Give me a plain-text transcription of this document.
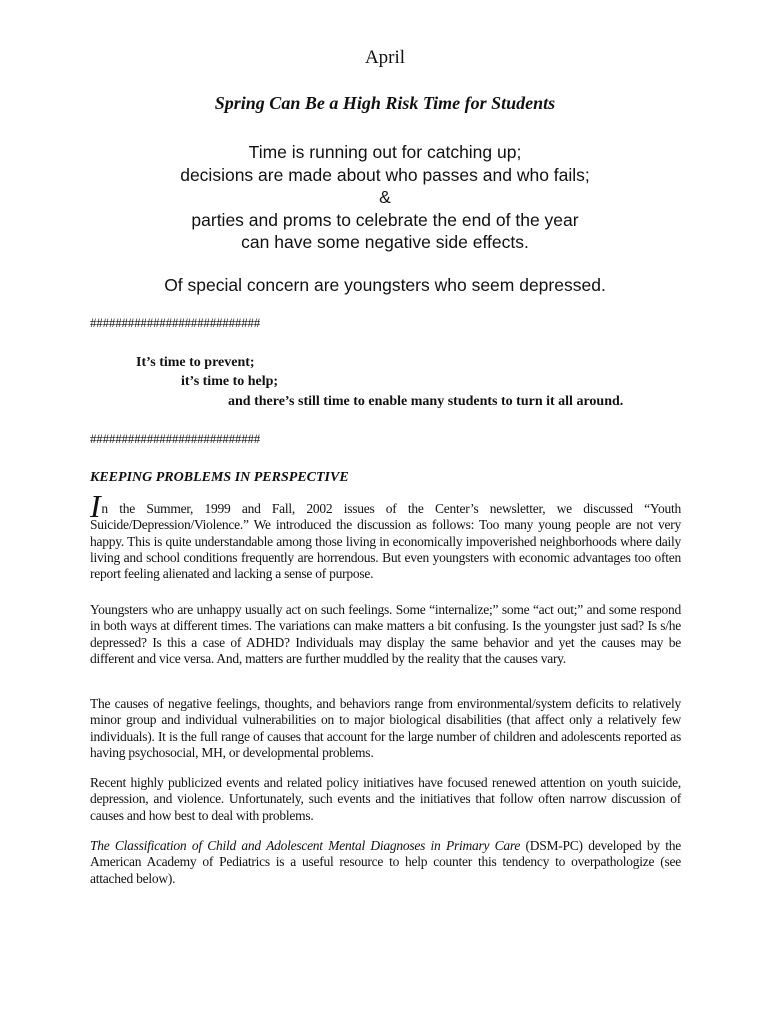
April
Spring Can Be a High Risk Time for Students
Time is running out for catching up;
decisions are made about who passes and who fails;
&
parties and proms to celebrate the end of the year
can have some negative side effects.
Of special concern are youngsters who seem depressed.
###########################
It’s time to prevent;
it’s time to help;
and there’s still time to enable many students to turn it all around.
###########################
KEEPING PROBLEMS IN PERSPECTIVE
In the Summer, 1999 and Fall, 2002 issues of the Center’s newsletter, we discussed “Youth Suicide/Depression/Violence.” We introduced the discussion as follows: Too many young people are not very happy. This is quite understandable among those living in economically impoverished neighborhoods where daily living and school conditions frequently are horrendous. But even youngsters with economic advantages too often report feeling alienated and lacking a sense of purpose.
Youngsters who are unhappy usually act on such feelings. Some “internalize;” some “act out;” and some respond in both ways at different times. The variations can make matters a bit confusing. Is the youngster just sad? Is s/he depressed? Is this a case of ADHD? Individuals may display the same behavior and yet the causes may be different and vice versa. And, matters are further muddled by the reality that the causes vary.
The causes of negative feelings, thoughts, and behaviors range from environmental/system deficits to relatively minor group and individual vulnerabilities on to major biological disabilities (that affect only a relatively few individuals). It is the full range of causes that account for the large number of children and adolescents reported as having psychosocial, MH, or developmental problems.
Recent highly publicized events and related policy initiatives have focused renewed attention on youth suicide, depression, and violence. Unfortunately, such events and the initiatives that follow often narrow discussion of causes and how best to deal with problems.
The Classification of Child and Adolescent Mental Diagnoses in Primary Care (DSM-PC) developed by the American Academy of Pediatrics is a useful resource to help counter this tendency to overpathologize (see attached below).
